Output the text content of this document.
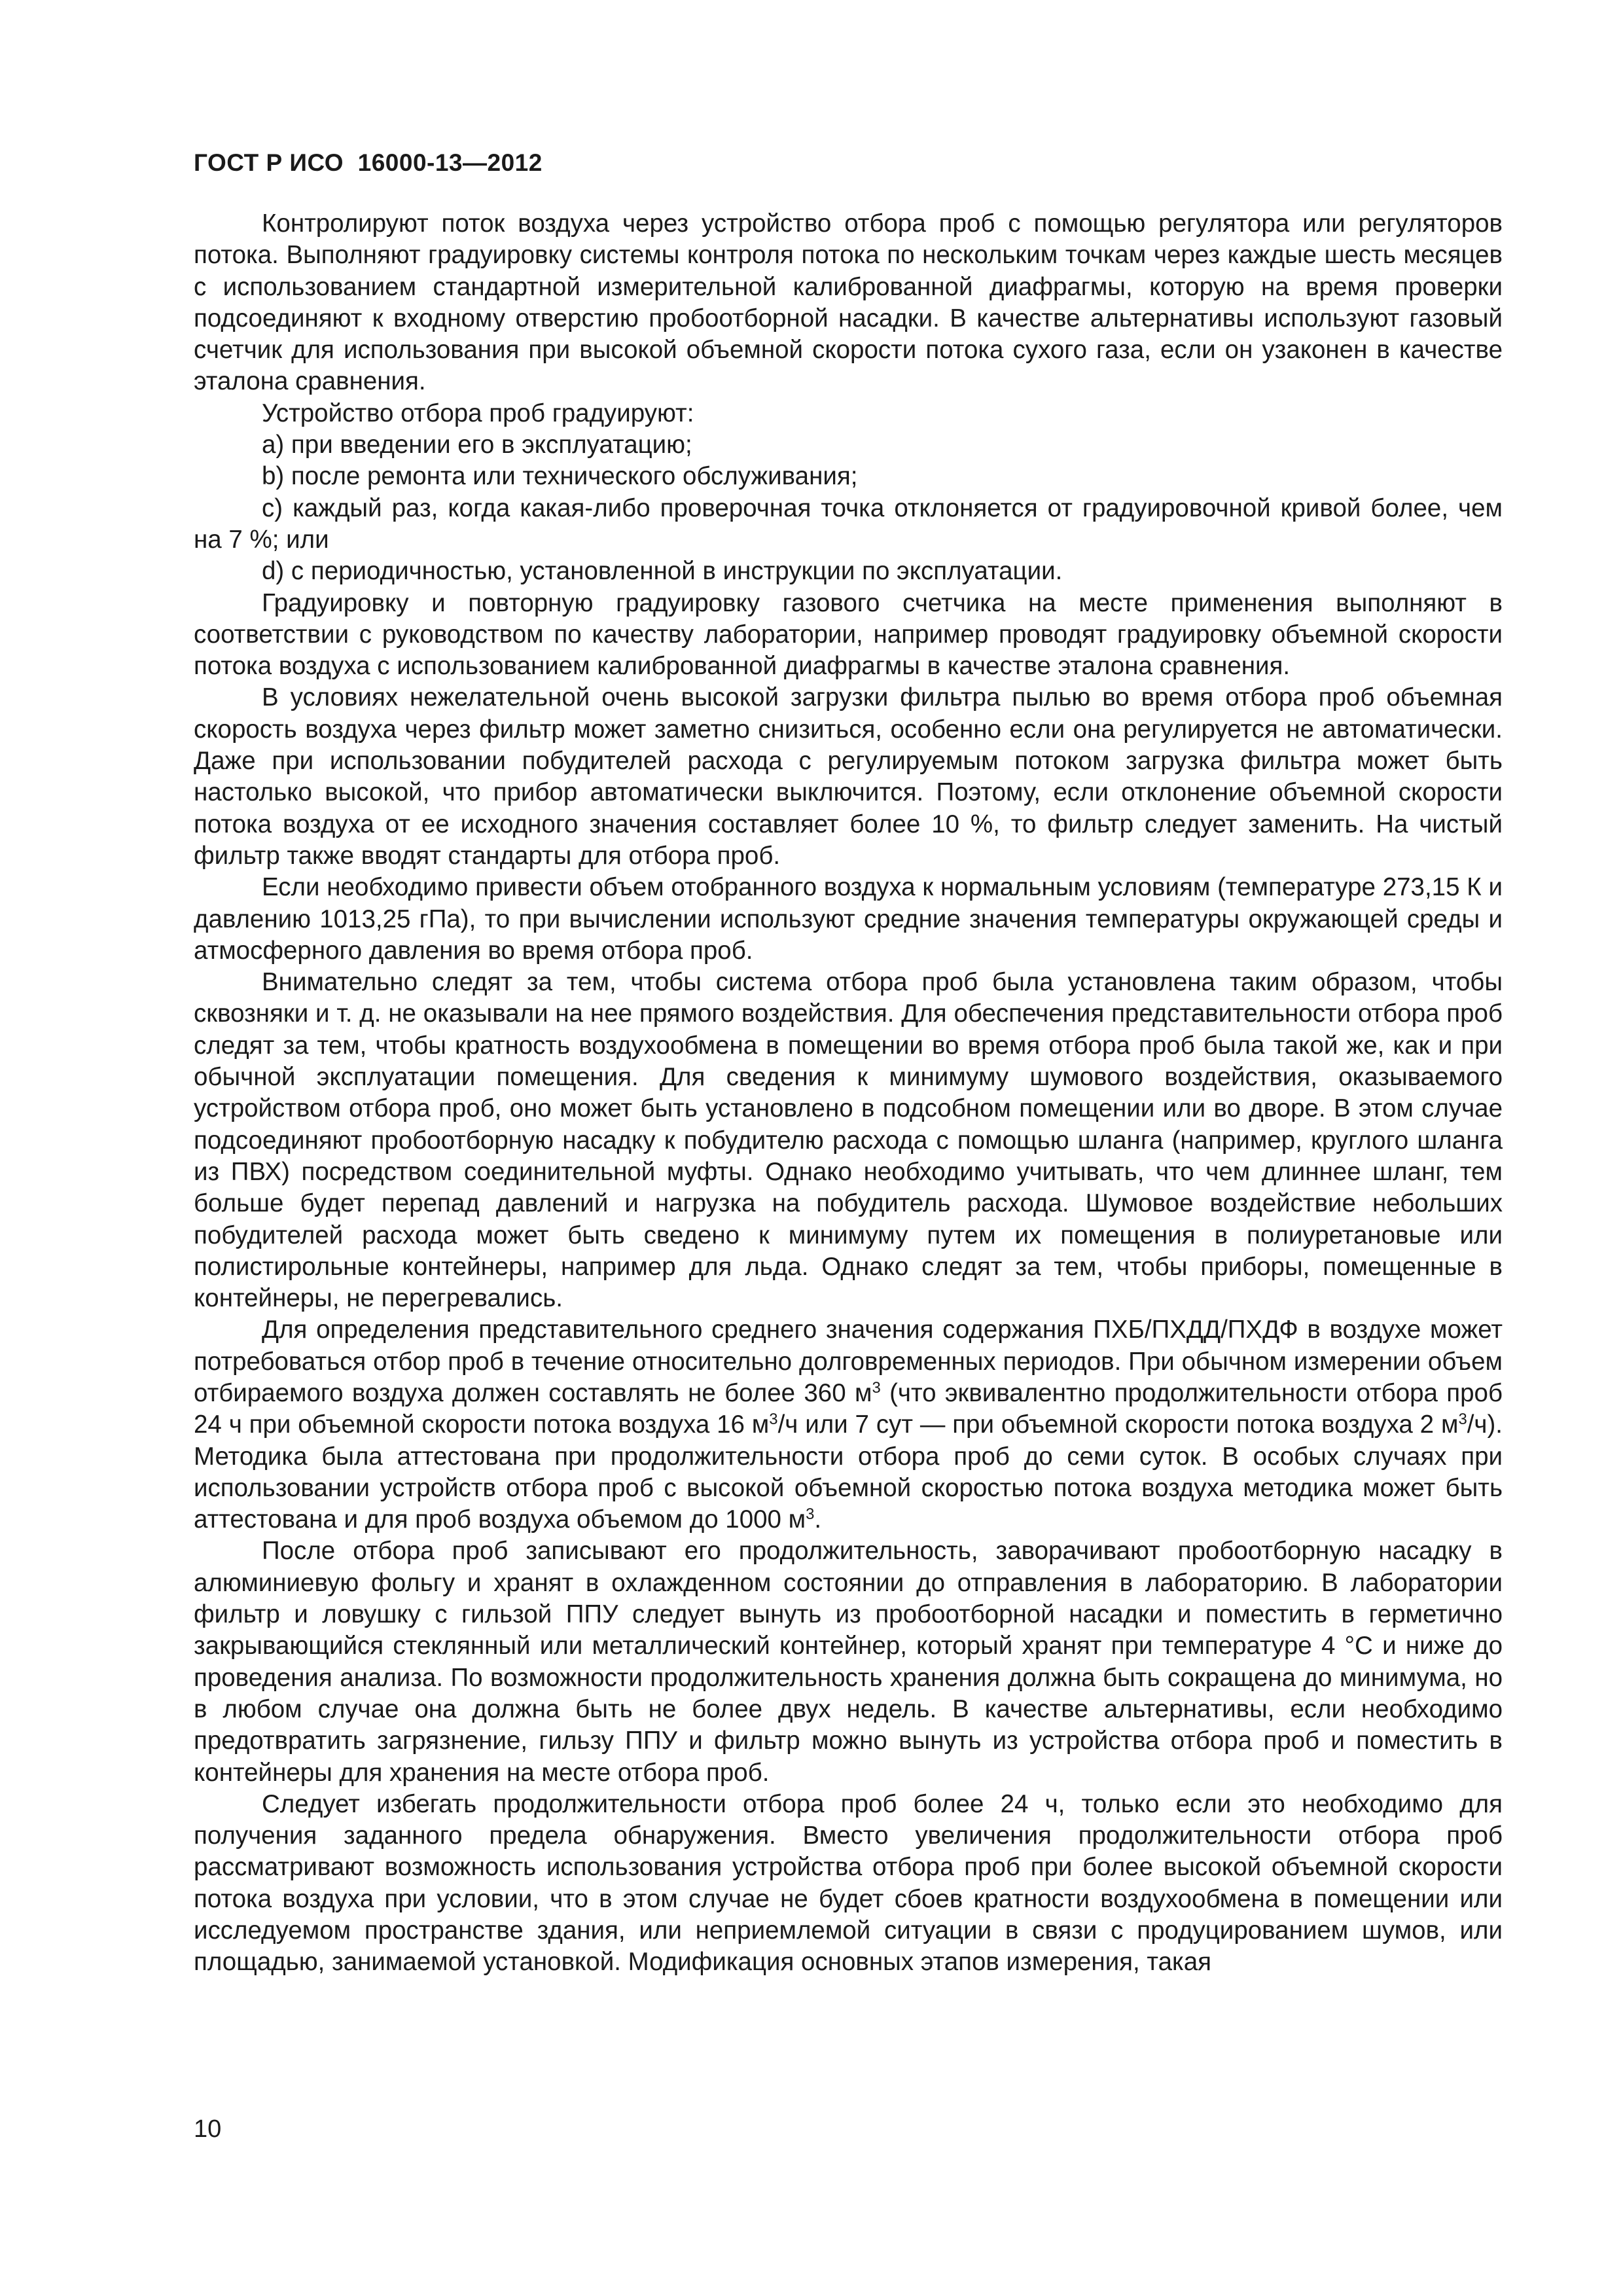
ГОСТ Р ИСО  16000-13—2012

Контролируют поток воздуха через устройство отбора проб с помощью регулятора или регуляторов потока. Выполняют градуировку системы контроля потока по нескольким точкам через каждые шесть месяцев с использованием стандартной измерительной калиброванной диафрагмы, которую на время проверки подсоединяют к входному отверстию пробоотборной насадки. В качестве альтернативы используют газовый счетчик для использования при высокой объемной скорости потока сухого газа, если он узаконен в качестве эталона сравнения.

Устройство отбора проб градуируют:

a) при введении его в эксплуатацию;

b) после ремонта или технического обслуживания;

c) каждый раз, когда какая-либо проверочная точка отклоняется от градуировочной кривой более, чем на 7 %; или

d) с периодичностью, установленной в инструкции по эксплуатации.

Градуировку и повторную градуировку газового счетчика на месте применения выполняют в соответствии с руководством по качеству лаборатории, например проводят градуировку объемной скорости потока воздуха с использованием калиброванной диафрагмы в качестве эталона сравнения.

В условиях нежелательной очень высокой загрузки фильтра пылью во время отбора проб объемная скорость воздуха через фильтр может заметно снизиться, особенно если она регулируется не автоматически. Даже при использовании побудителей расхода с регулируемым потоком загрузка фильтра может быть настолько высокой, что прибор автоматически выключится. Поэтому, если отклонение объемной скорости потока воздуха от ее исходного значения составляет более 10 %, то фильтр следует заменить. На чистый фильтр также вводят стандарты для отбора проб.

Если необходимо привести объем отобранного воздуха к нормальным условиям (температуре 273,15 К и давлению 1013,25 гПа), то при вычислении используют средние значения температуры окружающей среды и атмосферного давления во время отбора проб.

Внимательно следят за тем, чтобы система отбора проб была установлена таким образом, чтобы сквозняки и т. д. не оказывали на нее прямого воздействия. Для обеспечения представительности отбора проб следят за тем, чтобы кратность воздухообмена в помещении во время отбора проб была такой же, как и при обычной эксплуатации помещения. Для сведения к минимуму шумового воздействия, оказываемого устройством отбора проб, оно может быть установлено в подсобном помещении или во дворе. В этом случае подсоединяют пробоотборную насадку к побудителю расхода с помощью шланга (например, круглого шланга из ПВХ) посредством соединительной муфты. Однако необходимо учитывать, что чем длиннее шланг, тем больше будет перепад давлений и нагрузка на побудитель расхода. Шумовое воздействие небольших побудителей расхода может быть сведено к минимуму путем их помещения в полиуретановые или полистирольные контейнеры, например для льда. Однако следят за тем, чтобы приборы, помещенные в контейнеры, не перегревались.

Для определения представительного среднего значения содержания ПХБ/ПХДД/ПХДФ в воздухе может потребоваться отбор проб в течение относительно долговременных периодов. При обычном измерении объем отбираемого воздуха должен составлять не более 360 $м^3$ (что эквивалентно продолжительности отбора проб 24 ч при объемной скорости потока воздуха 16 $м^3/ч$ или 7 сут — при объемной скорости потока воздуха 2 $м^3/ч$). Методика была аттестована при продолжительности отбора проб до семи суток. В особых случаях при использовании устройств отбора проб с высокой объемной скоростью потока воздуха методика может быть аттестована и для проб воздуха объемом до 1000 $м^3$.

После отбора проб записывают его продолжительность, заворачивают пробоотборную насадку в алюминиевую фольгу и хранят в охлажденном состоянии до отправления в лабораторию. В лаборатории фильтр и ловушку с гильзой ППУ следует вынуть из пробоотборной насадки и поместить в герметично закрывающийся стеклянный или металлический контейнер, который хранят при температуре 4 °С и ниже до проведения анализа. По возможности продолжительность хранения должна быть сокращена до минимума, но в любом случае она должна быть не более двух недель. В качестве альтернативы, если необходимо предотвратить загрязнение, гильзу ППУ и фильтр можно вынуть из устройства отбора проб и поместить в контейнеры для хранения на месте отбора проб.

Следует избегать продолжительности отбора проб более 24 ч, только если это необходимо для получения заданного предела обнаружения. Вместо увеличения продолжительности отбора проб рассматривают возможность использования устройства отбора проб при более высокой объемной скорости потока воздуха при условии, что в этом случае не будет сбоев кратности воздухообмена в помещении или исследуемом пространстве здания, или неприемлемой ситуации в связи с продуцированием шумов, или площадью, занимаемой установкой. Модификация основных этапов измерения, такая

10
